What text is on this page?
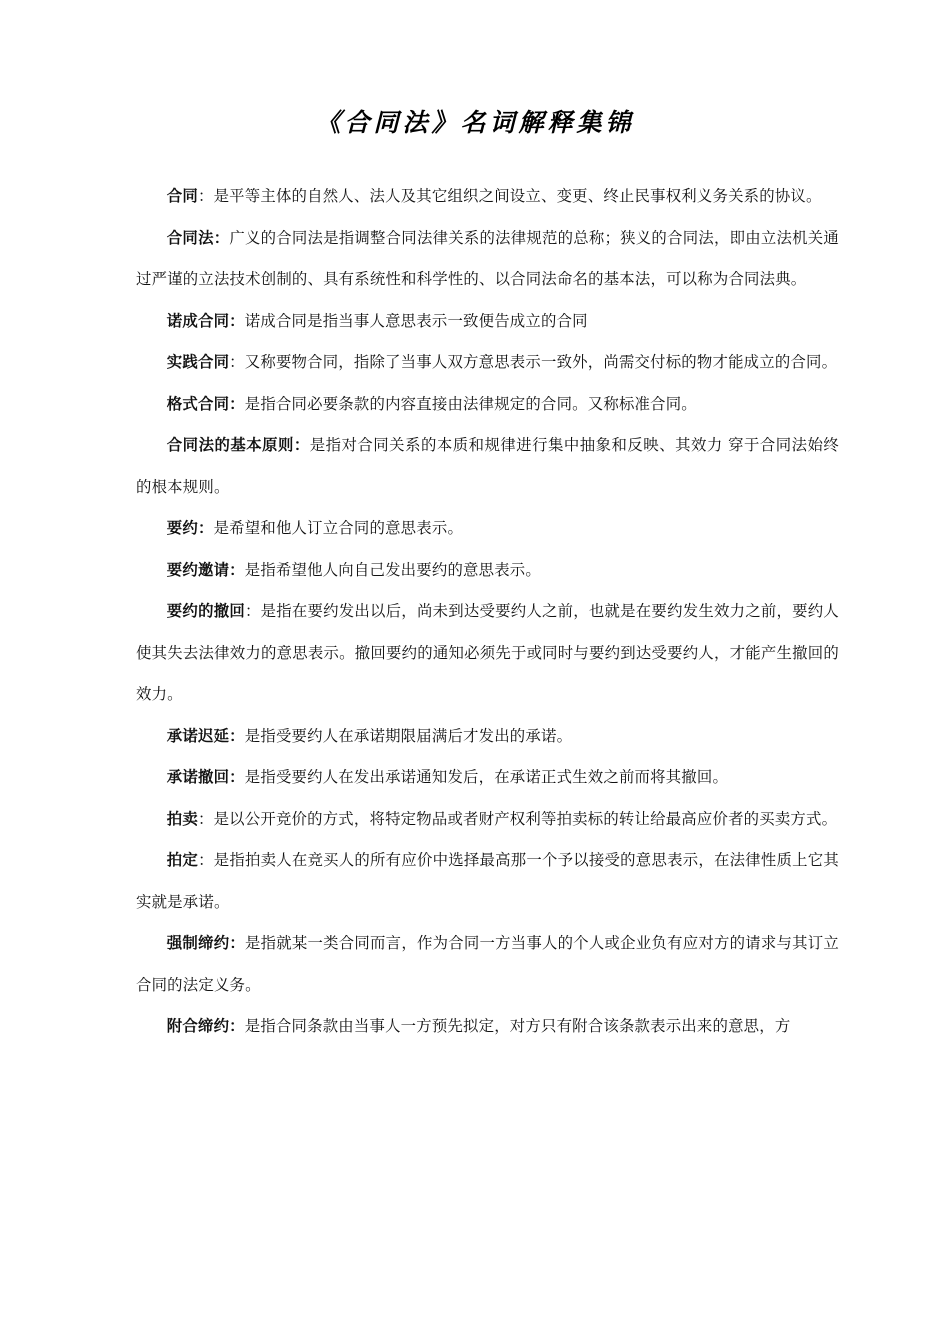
《合同法》名词解释集锦

合同：是平等主体的自然人、法人及其它组织之间设立、变更、终止民事权利义务关系的协议。

合同法：广义的合同法是指调整合同法律关系的法律规范的总称；狭义的合同法，即由立法机关通过严谨的立法技术创制的、具有系统性和科学性的、以合同法命名的基本法，可以称为合同法典。

诺成合同：诺成合同是指当事人意思表示一致便告成立的合同

实践合同：又称要物合同，指除了当事人双方意思表示一致外，尚需交付标的物才能成立的合同。

格式合同：是指合同必要条款的内容直接由法律规定的合同。又称标准合同。

合同法的基本原则：是指对合同关系的本质和规律进行集中抽象和反映、其效力 穿于合同法始终的根本规则。

要约：是希望和他人订立合同的意思表示。

要约邀请：是指希望他人向自己发出要约的意思表示。

要约的撤回：是指在要约发出以后，尚未到达受要约人之前，也就是在要约发生效力之前，要约人使其失去法律效力的意思表示。撤回要约的通知必须先于或同时与要约到达受要约人，才能产生撤回的效力。

承诺迟延：是指受要约人在承诺期限届满后才发出的承诺。

承诺撤回：是指受要约人在发出承诺通知发后，在承诺正式生效之前而将其撤回。

拍卖：是以公开竞价的方式，将特定物品或者财产权利等拍卖标的转让给最高应价者的买卖方式。

拍定：是指拍卖人在竞买人的所有应价中选择最高那一个予以接受的意思表示，在法律性质上它其实就是承诺。

强制缔约：是指就某一类合同而言，作为合同一方当事人的个人或企业负有应对方的请求与其订立合同的法定义务。

附合缔约：是指合同条款由当事人一方预先拟定，对方只有附合该条款表示出来的意思，方
